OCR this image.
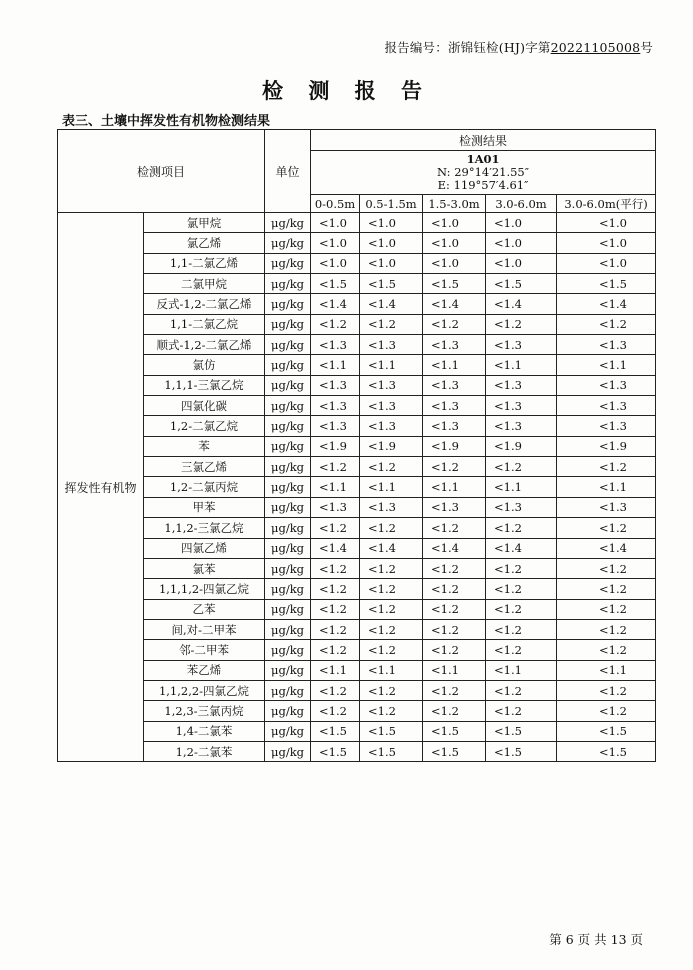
报告编号：浙锦钰检(HJ)字第20221105008号
检 测 报 告
表三、土壤中挥发性有机物检测结果
检测项目		单位	检测结果				

			1A01
N: 29°14′21.55″
E: 119°57′4.61″				

			0-0.5m	0.5-1.5m	1.5-3.0m	3.0-6.0m	3.0-6.0m(平行)
挥发性有机物	氯甲烷	μg/kg	<1.0	<1.0	<1.0	<1.0	<1.0
	氯乙烯	μg/kg	<1.0	<1.0	<1.0	<1.0	<1.0
	1,1-二氯乙烯	μg/kg	<1.0	<1.0	<1.0	<1.0	<1.0
	二氯甲烷	μg/kg	<1.5	<1.5	<1.5	<1.5	<1.5
	反式-1,2-二氯乙烯	μg/kg	<1.4	<1.4	<1.4	<1.4	<1.4
	1,1-二氯乙烷	μg/kg	<1.2	<1.2	<1.2	<1.2	<1.2
	顺式-1,2-二氯乙烯	μg/kg	<1.3	<1.3	<1.3	<1.3	<1.3
	氯仿	μg/kg	<1.1	<1.1	<1.1	<1.1	<1.1
	1,1,1-三氯乙烷	μg/kg	<1.3	<1.3	<1.3	<1.3	<1.3
	四氯化碳	μg/kg	<1.3	<1.3	<1.3	<1.3	<1.3
	1,2-二氯乙烷	μg/kg	<1.3	<1.3	<1.3	<1.3	<1.3
	苯	μg/kg	<1.9	<1.9	<1.9	<1.9	<1.9
	三氯乙烯	μg/kg	<1.2	<1.2	<1.2	<1.2	<1.2
	1,2-二氯丙烷	μg/kg	<1.1	<1.1	<1.1	<1.1	<1.1
	甲苯	μg/kg	<1.3	<1.3	<1.3	<1.3	<1.3
	1,1,2-三氯乙烷	μg/kg	<1.2	<1.2	<1.2	<1.2	<1.2
	四氯乙烯	μg/kg	<1.4	<1.4	<1.4	<1.4	<1.4
	氯苯	μg/kg	<1.2	<1.2	<1.2	<1.2	<1.2
	1,1,1,2-四氯乙烷	μg/kg	<1.2	<1.2	<1.2	<1.2	<1.2
	乙苯	μg/kg	<1.2	<1.2	<1.2	<1.2	<1.2
	间,对-二甲苯	μg/kg	<1.2	<1.2	<1.2	<1.2	<1.2
	邻-二甲苯	μg/kg	<1.2	<1.2	<1.2	<1.2	<1.2
	苯乙烯	μg/kg	<1.1	<1.1	<1.1	<1.1	<1.1
	1,1,2,2-四氯乙烷	μg/kg	<1.2	<1.2	<1.2	<1.2	<1.2
	1,2,3-三氯丙烷	μg/kg	<1.2	<1.2	<1.2	<1.2	<1.2
	1,4-二氯苯	μg/kg	<1.5	<1.5	<1.5	<1.5	<1.5
	1,2-二氯苯	μg/kg	<1.5	<1.5	<1.5	<1.5	<1.5
第 6 页 共 13 页
